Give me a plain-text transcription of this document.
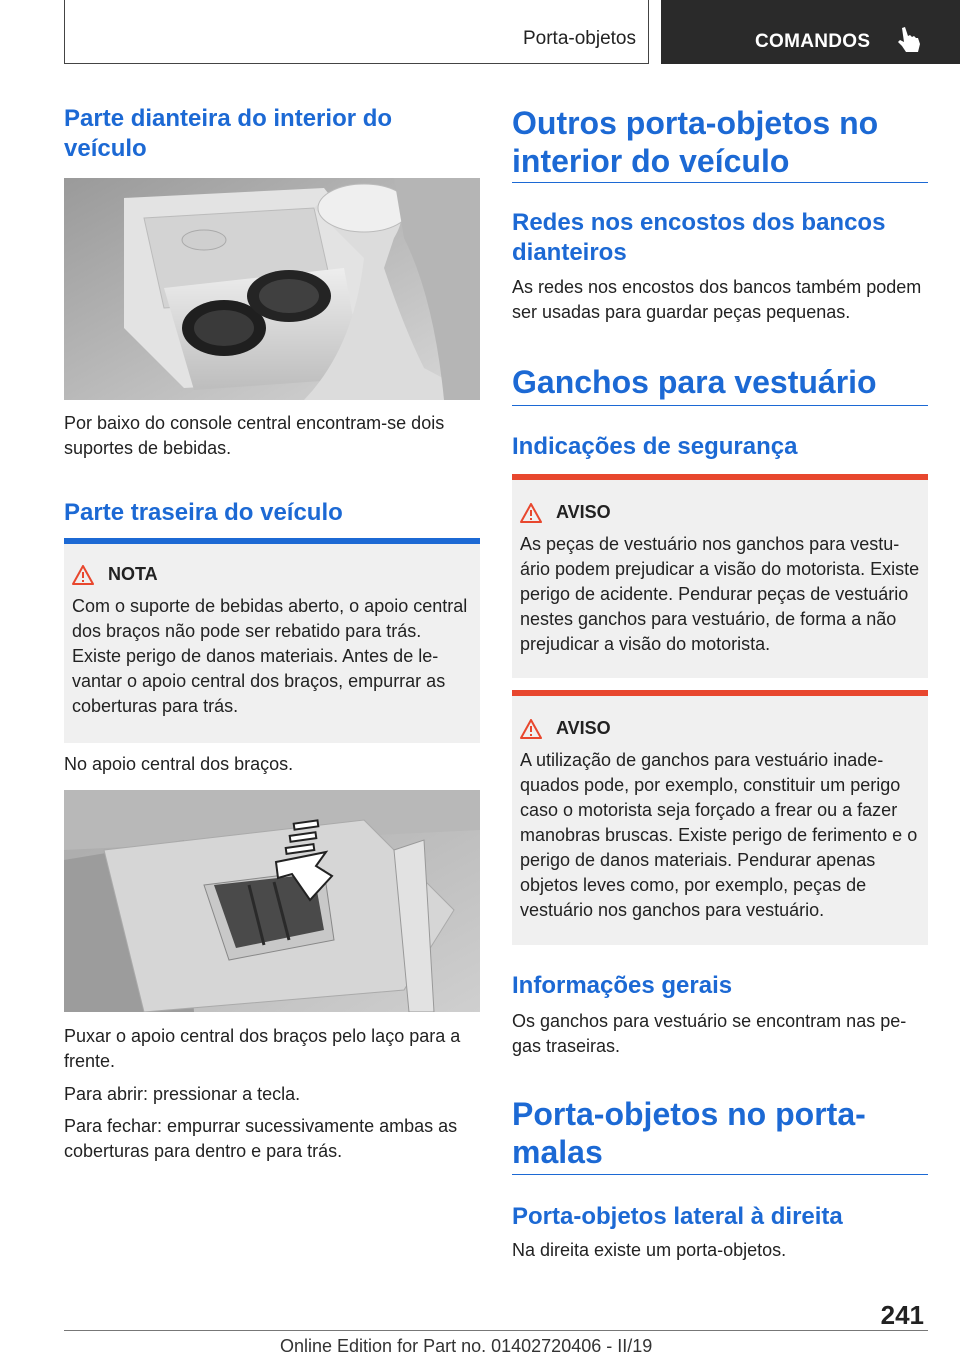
Porta-objetos	COMANDOS
Parte dianteira do interior do veículo

Por baixo do console central encontram-se dois suportes de bebidas.

Parte traseira do veículo
NOTA

Com o suporte de bebidas aberto, o apoio central dos braços não pode ser rebatido para trás. Existe perigo de danos materiais. Antes de levantar o apoio central dos braços, empurrar as coberturas para trás.

No apoio central dos braços.

Puxar o apoio central dos braços pelo laço para a frente.

Para abrir: pressionar a tecla.

Para fechar: empurrar sucessivamente ambas as coberturas para dentro e para trás.

Outros porta-objetos no interior do veículo
Redes nos encostos dos bancos dianteiros

As redes nos encostos dos bancos também podem ser usadas para guardar peças pequenas.

Ganchos para vestuário
Indicações de segurança
AVISO

As peças de vestuário nos ganchos para vestuário podem prejudicar a visão do motorista. Existe perigo de acidente. Pendurar peças de vestuário nestes ganchos para vestuário, de forma a não prejudicar a visão do motorista.

AVISO

A utilização de ganchos para vestuário inadequados pode, por exemplo, constituir um perigo caso o motorista seja forçado a frear ou a fazer manobras bruscas. Existe perigo de ferimento e o perigo de danos materiais. Pendurar apenas objetos leves como, por exemplo, peças de vestuário nos ganchos para vestuário.

Informações gerais

Os ganchos para vestuário se encontram nas pegas traseiras.

Porta-objetos no porta-malas
Porta-objetos lateral à direita

Na direita existe um porta-objetos.

241
Online Edition for Part no. 01402720406 - II/19
